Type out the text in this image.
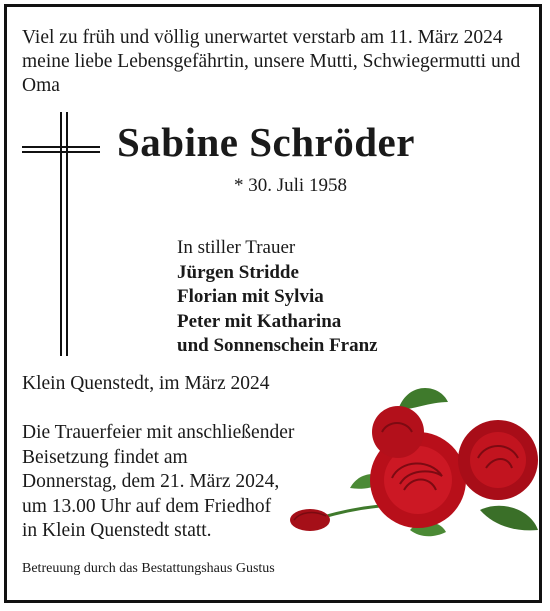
Viel zu früh und völlig unerwartet verstarb am 11. März 2024
meine liebe Lebensgefährtin, unsere Mutti, Schwiegermutti und
Oma
Sabine Schröder
* 30. Juli 1958
In stiller Trauer
Jürgen Stridde
Florian mit Sylvia
Peter mit Katharina
und Sonnenschein Franz
Klein Quenstedt, im März 2024
Die Trauerfeier mit anschließender
Beisetzung findet am
Donnerstag, dem 21. März 2024,
um 13.00 Uhr auf dem Friedhof
in Klein Quenstedt statt.
Betreuung durch das Bestattungshaus Gustus
